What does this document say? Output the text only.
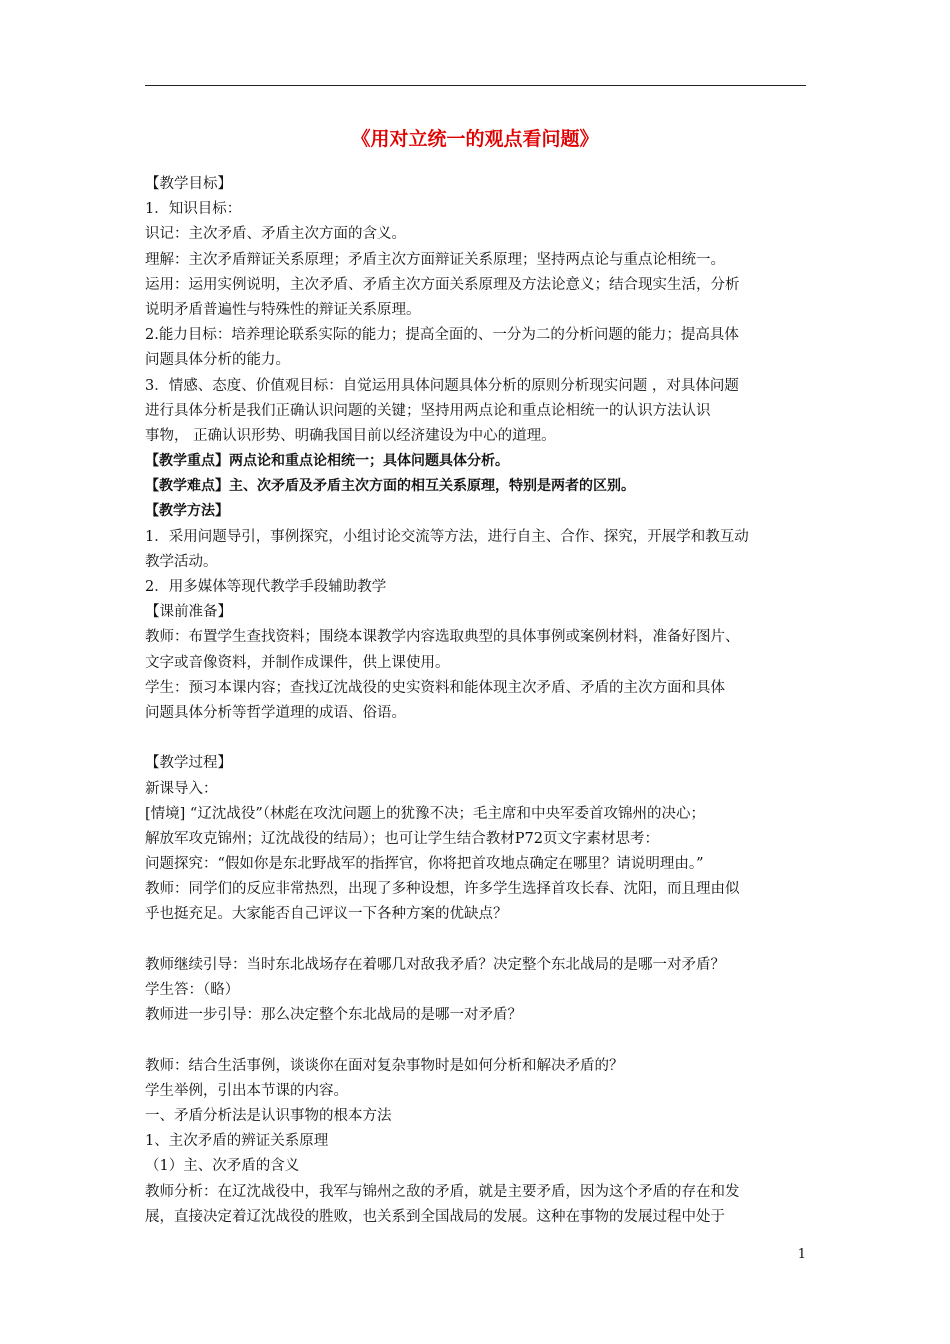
《用对立统一的观点看问题》
【教学目标】
1．知识目标：
识记：主次矛盾、矛盾主次方面的含义。
理解：主次矛盾辩证关系原理；矛盾主次方面辩证关系原理；坚持两点论与重点论相统一。
运用：运用实例说明，主次矛盾、矛盾主次方面关系原理及方法论意义；结合现实生活，分析
说明矛盾普遍性与特殊性的辩证关系原理。
2.能力目标：培养理论联系实际的能力；提高全面的、一分为二的分析问题的能力；提高具体
问题具体分析的能力。
3．情感、态度、价值观目标：自觉运用具体问题具体分析的原则分析现实问题 ，对具体问题
进行具体分析是我们正确认识问题的关键；坚持用两点论和重点论相统一的认识方法认识
事物， 正确认识形势、明确我国目前以经济建设为中心的道理。
【教学重点】两点论和重点论相统一；具体问题具体分析。
【教学难点】主、次矛盾及矛盾主次方面的相互关系原理，特别是两者的区别。
【教学方法】
1．采用问题导引，事例探究，小组讨论交流等方法，进行自主、合作、探究，开展学和教互动
教学活动。
2．用多媒体等现代教学手段辅助教学
【课前准备】
教师：布置学生查找资料；围绕本课教学内容选取典型的具体事例或案例材料，准备好图片、
文字或音像资料，并制作成课件，供上课使用。
学生：预习本课内容；查找辽沈战役的史实资料和能体现主次矛盾、矛盾的主次方面和具体
问题具体分析等哲学道理的成语、俗语。
【教学过程】
新课导入：
[情境] “辽沈战役”（林彪在攻沈问题上的犹豫不决；毛主席和中央军委首攻锦州的决心；
解放军攻克锦州；辽沈战役的结局）；也可让学生结合教材P72页文字素材思考：
问题探究：“假如你是东北野战军的指挥官，你将把首攻地点确定在哪里？请说明理由。”
教师：同学们的反应非常热烈，出现了多种设想，许多学生选择首攻长春、沈阳，而且理由似
乎也挺充足。大家能否自己评议一下各种方案的优缺点？
教师继续引导：当时东北战场存在着哪几对敌我矛盾？决定整个东北战局的是哪一对矛盾？
学生答：（略）
教师进一步引导：那么决定整个东北战局的是哪一对矛盾？
教师：结合生活事例，谈谈你在面对复杂事物时是如何分析和解决矛盾的？
学生举例，引出本节课的内容。
一、矛盾分析法是认识事物的根本方法
1、主次矛盾的辨证关系原理
（1）主、次矛盾的含义
教师分析：在辽沈战役中，我军与锦州之敌的矛盾，就是主要矛盾，因为这个矛盾的存在和发
展，直接决定着辽沈战役的胜败，也关系到全国战局的发展。这种在事物的发展过程中处于
1
